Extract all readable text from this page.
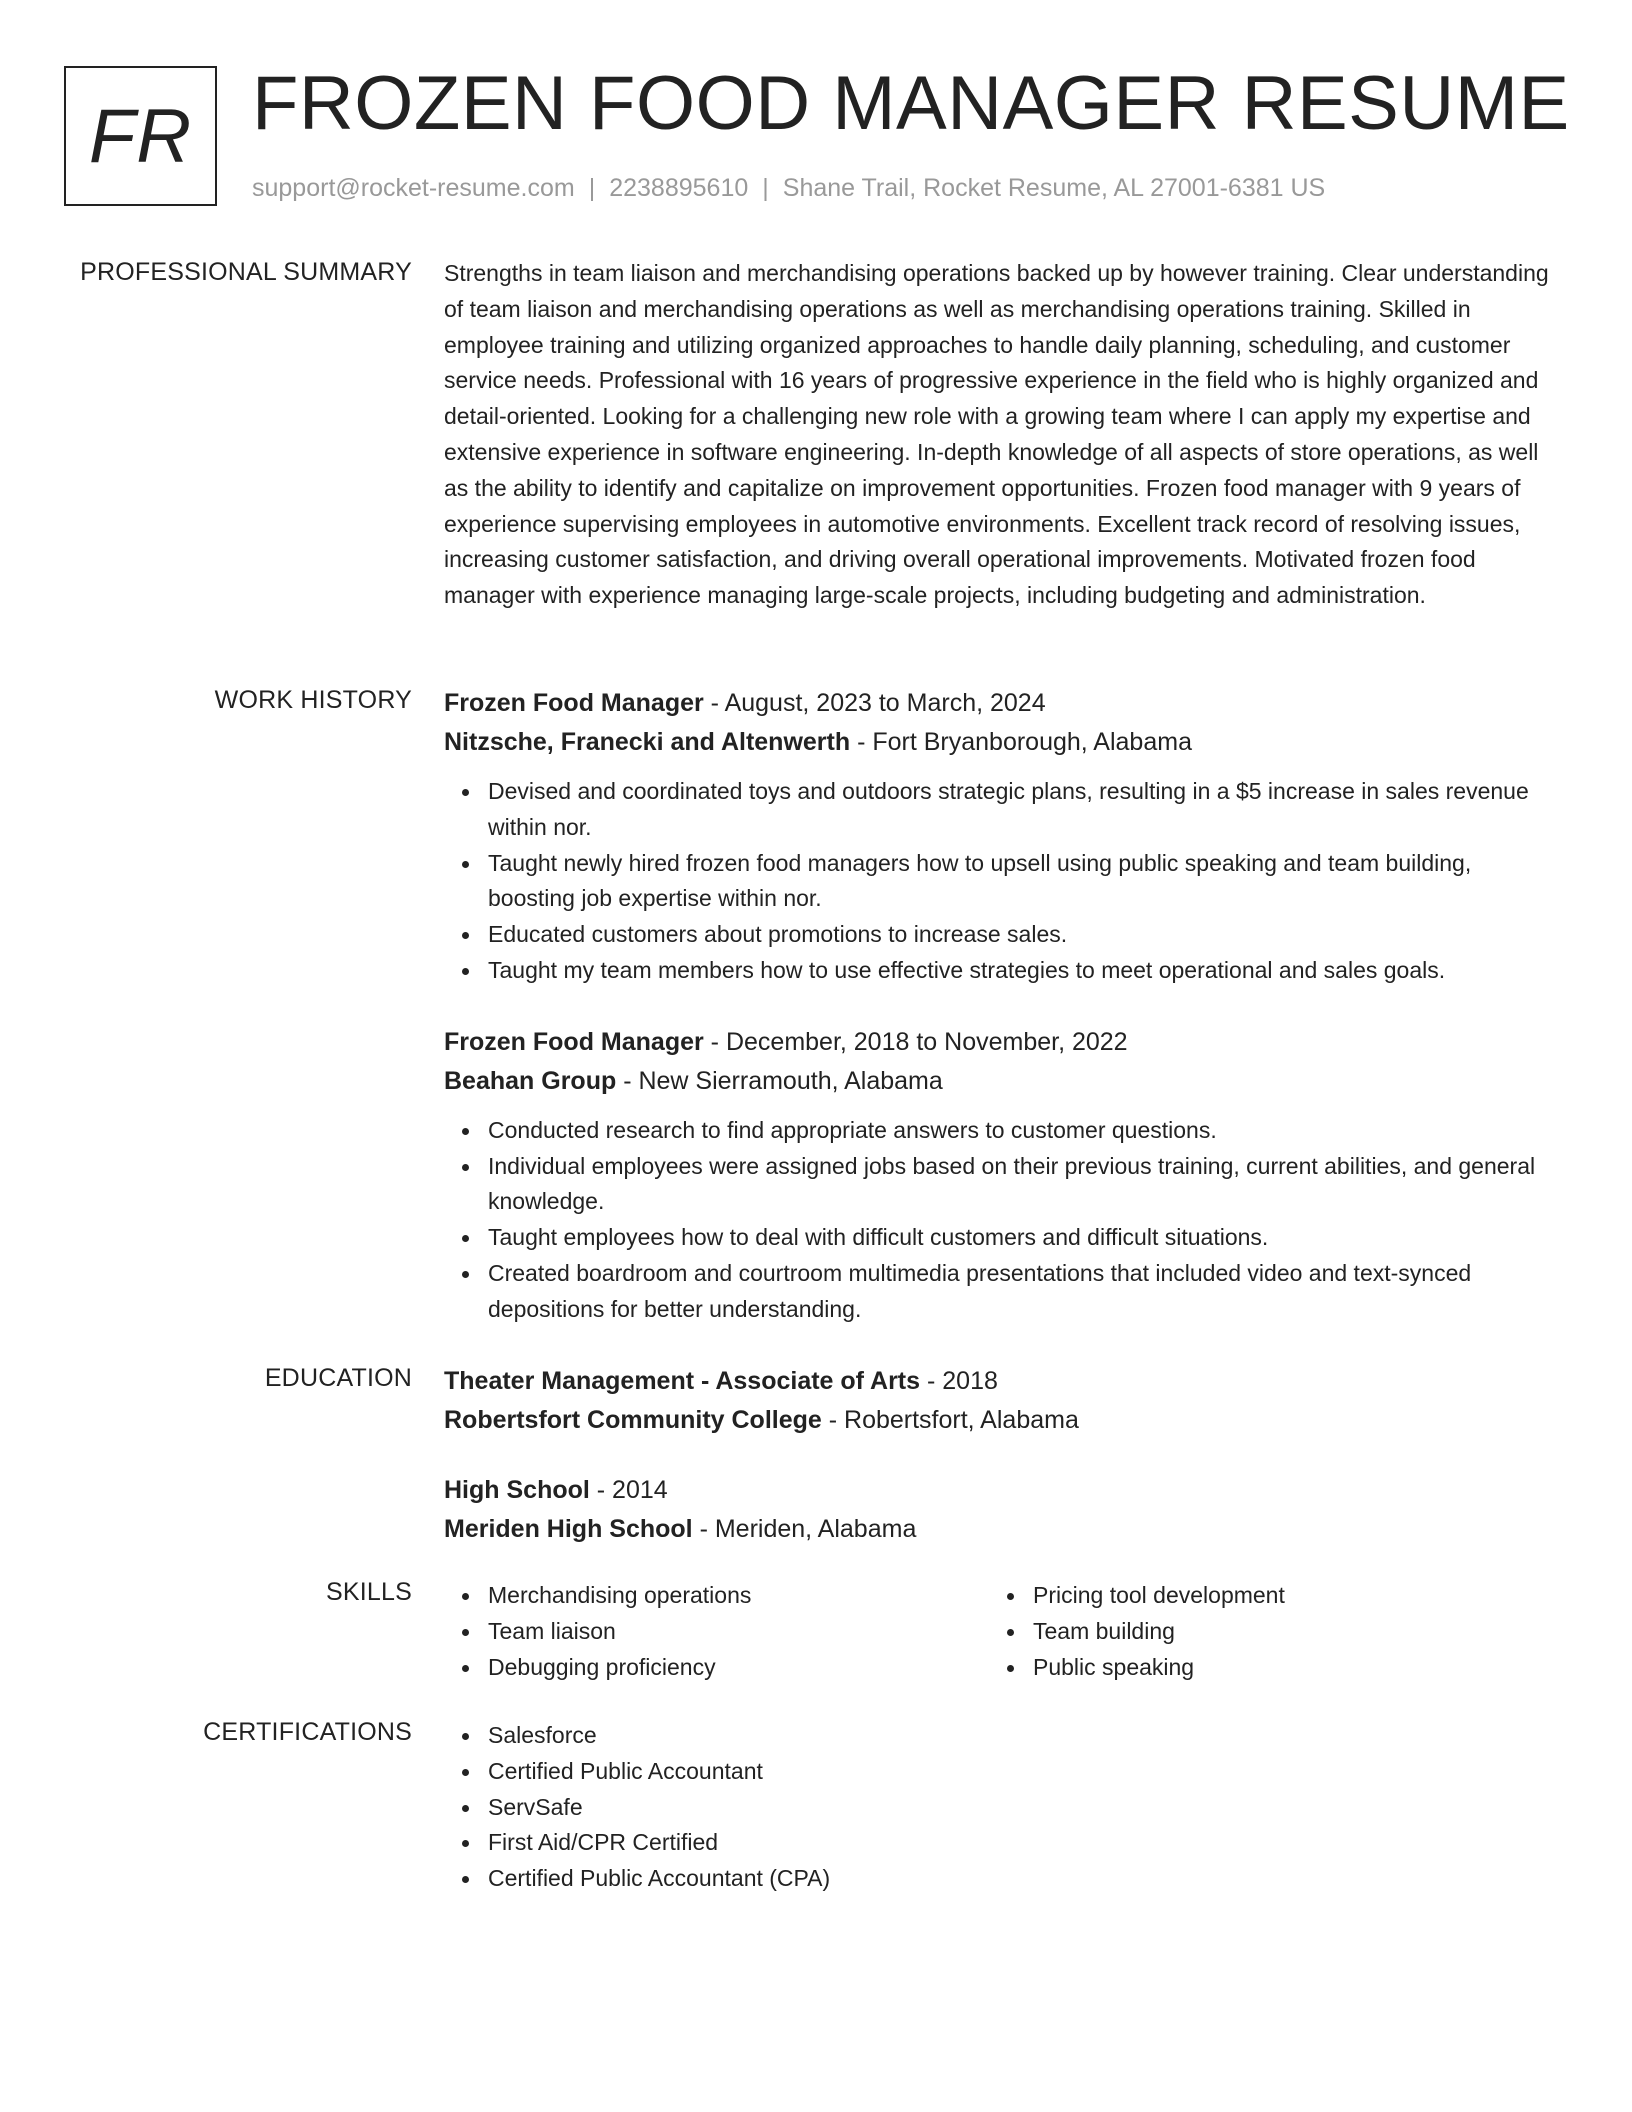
FR FROZEN FOOD MANAGER RESUME
support@rocket-resume.com | 2238895610 | Shane Trail, Rocket Resume, AL 27001-6381 US
PROFESSIONAL SUMMARY Strengths in team liaison and merchandising operations backed up by however training. Clear understanding of team liaison and merchandising operations as well as merchandising operations training. Skilled in employee training and utilizing organized approaches to handle daily planning, scheduling, and customer service needs. Professional with 16 years of progressive experience in the field who is highly organized and detail-oriented. Looking for a challenging new role with a growing team where I can apply my expertise and extensive experience in software engineering. In-depth knowledge of all aspects of store operations, as well as the ability to identify and capitalize on improvement opportunities. Frozen food manager with 9 years of experience supervising employees in automotive environments. Excellent track record of resolving issues, increasing customer satisfaction, and driving overall operational improvements. Motivated frozen food manager with experience managing large-scale projects, including budgeting and administration.

WORK HISTORY Frozen Food Manager - August, 2023 to March, 2024
Nitzsche, Franecki and Altenwerth - Fort Bryanborough, Alabama
Devised and coordinated toys and outdoors strategic plans, resulting in a $5 increase in sales revenue within nor.
Taught newly hired frozen food managers how to upsell using public speaking and team building, boosting job expertise within nor.
Educated customers about promotions to increase sales.
Taught my team members how to use effective strategies to meet operational and sales goals.
Frozen Food Manager - December, 2018 to November, 2022
Beahan Group - New Sierramouth, Alabama
Conducted research to find appropriate answers to customer questions.
Individual employees were assigned jobs based on their previous training, current abilities, and general knowledge.
Taught employees how to deal with difficult customers and difficult situations.
Created boardroom and courtroom multimedia presentations that included video and text-synced depositions for better understanding.
EDUCATION Theater Management - Associate of Arts - 2018
Robertsfort Community College - Robertsfort, Alabama
High School - 2014
Meriden High School - Meriden, Alabama
SKILLS	Merchandising operations
Team liaison
Debugging proficiency
Pricing tool development
Team building
Public speaking
CERTIFICATIONS	Salesforce
Certified Public Accountant
ServSafe
First Aid/CPR Certified
Certified Public Accountant (CPA)
